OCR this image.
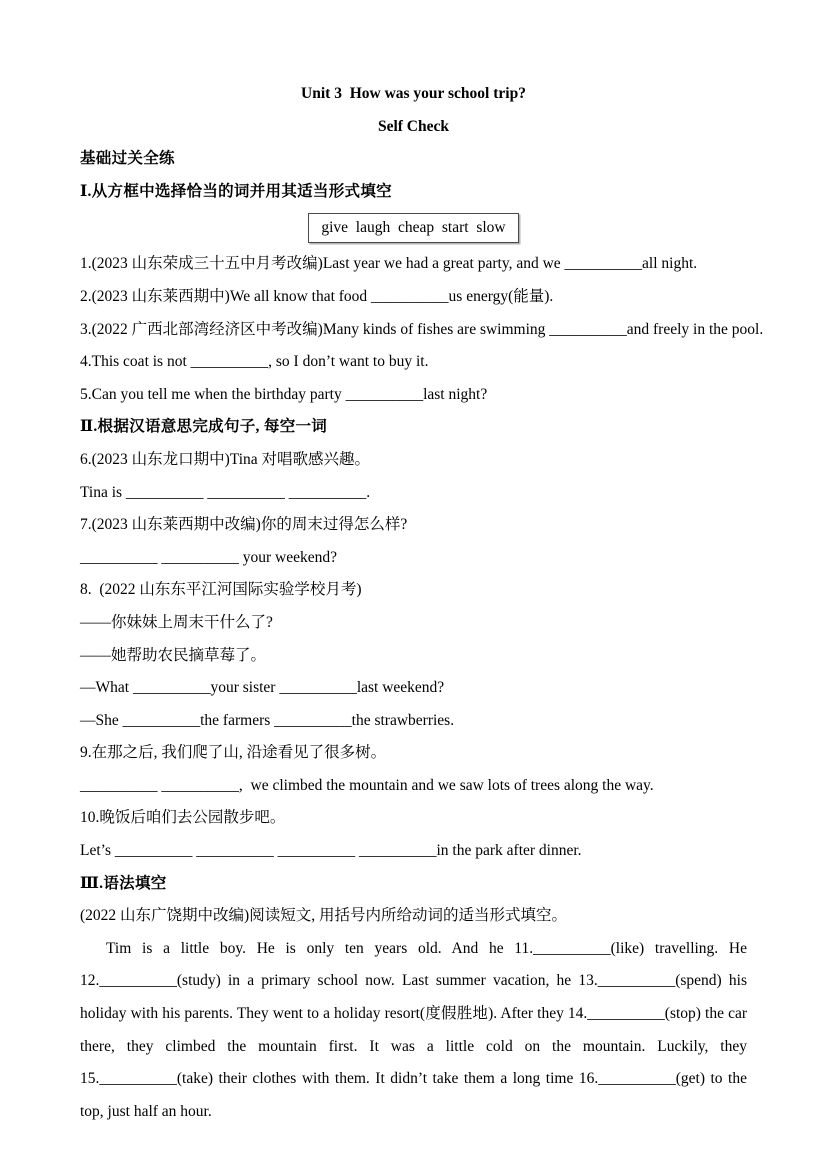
Unit 3  How was your school trip?
Self Check
基础过关全练
Ⅰ.从方框中选择恰当的词并用其适当形式填空
give  laugh  cheap  start  slow
1.(2023 山东荣成三十五中月考改编)Last year we had a great party, and we __________all night.
2.(2023 山东莱西期中)We all know that food __________us energy(能量).
3.(2022 广西北部湾经济区中考改编)Many kinds of fishes are swimming __________and freely in the pool.
4.This coat is not __________, so I don’t want to buy it.
5.Can you tell me when the birthday party __________last night?
Ⅱ.根据汉语意思完成句子, 每空一词
6.(2023 山东龙口期中)Tina 对唱歌感兴趣。
Tina is __________ __________ __________.
7.(2023 山东莱西期中改编)你的周末过得怎么样?
__________ __________ your weekend?
8.  (2022 山东东平江河国际实验学校月考)
——你妹妹上周末干什么了?
——她帮助农民摘草莓了。
—What __________your sister __________last weekend?
—She __________the farmers __________the strawberries.
9.在那之后, 我们爬了山, 沿途看见了很多树。
__________ __________,  we climbed the mountain and we saw lots of trees along the way.
10.晚饭后咱们去公园散步吧。
Let’s __________ __________ __________ __________in the park after dinner.
Ⅲ.语法填空
(2022 山东广饶期中改编)阅读短文, 用括号内所给动词的适当形式填空。
Tim is a little boy. He is only ten years old. And he 11.__________(like) travelling. He 12.__________(study) in a primary school now. Last summer vacation, he 13.__________(spend) his holiday with his parents. They went to a holiday resort(度假胜地). After they 14.__________(stop) the car there, they climbed the mountain first. It was a little cold on the mountain. Luckily, they 15.__________(take) their clothes with them. It didn’t take them a long time 16.__________(get) to the top, just half an hour.
